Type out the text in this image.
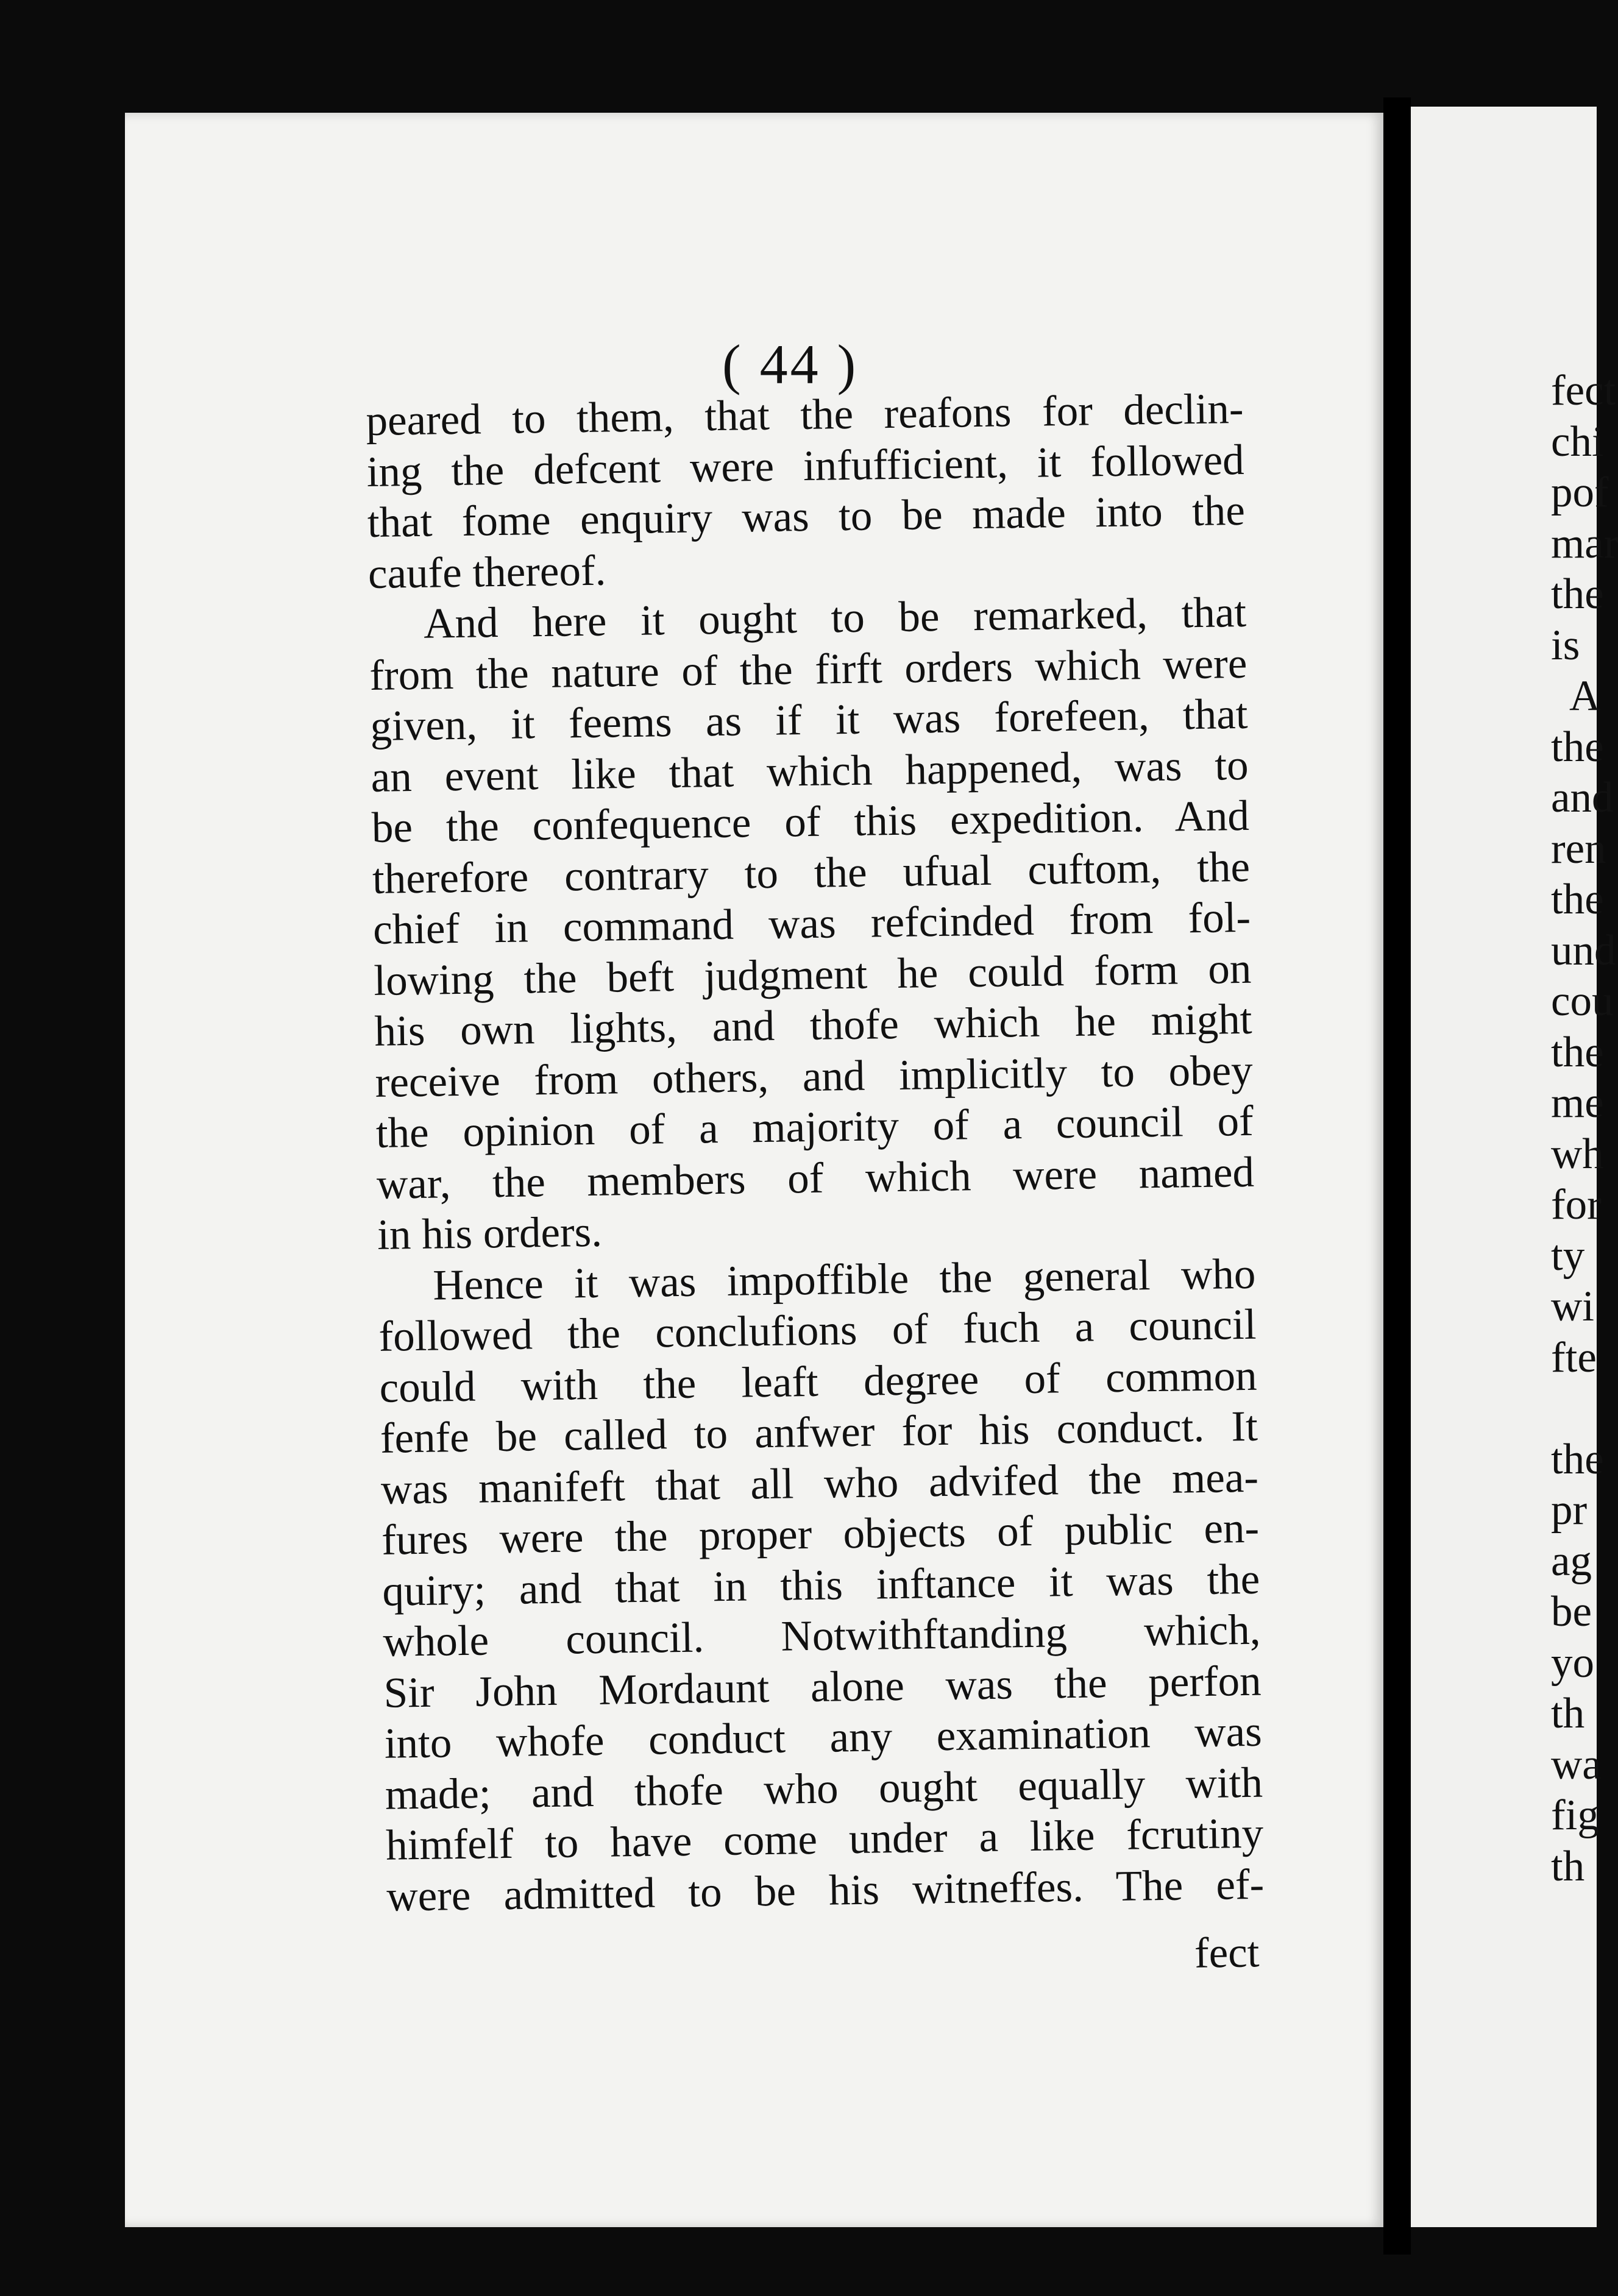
( 44 )
peared to them, that the reafons for declin-
ing the defcent were infufficient, it followed
that fome enquiry was to be made into the
caufe thereof.
And here it ought to be remarked, that
from the nature of the firft orders which were
given, it feems as if it was forefeen, that
an event like that which happened, was to
be the confequence of this expedition. And
therefore contrary to the ufual cuftom, the
chief in command was refcinded from fol-
lowing the beft judgment he could form on
his own lights, and thofe which he might
receive from others, and implicitly to obey
the opinion of a majority of a council of
war, the members of which were named
in his orders.
Hence it was impoffible the general who
followed the conclufions of fuch a council
could with the leaft degree of common
fenfe be called to anfwer for his conduct. It
was manifeft that all who advifed the mea-
fures were the proper objects of public en-
quiry; and that in this inftance it was the
whole council. Notwithftanding which,
Sir John Mordaunt alone was the perfon
into whofe conduct any examination was
made; and thofe who ought equally with
himfelf to have come under a like fcrutiny
were admitted to be his witneffes. The ef-
fect
fect
chi
pof
mar
the
is
A
the
and
ren
the
und
cou
the
me
wh
for
ty
wi
fte
the
pr
ag
be
yo
th
wa
fig
th
